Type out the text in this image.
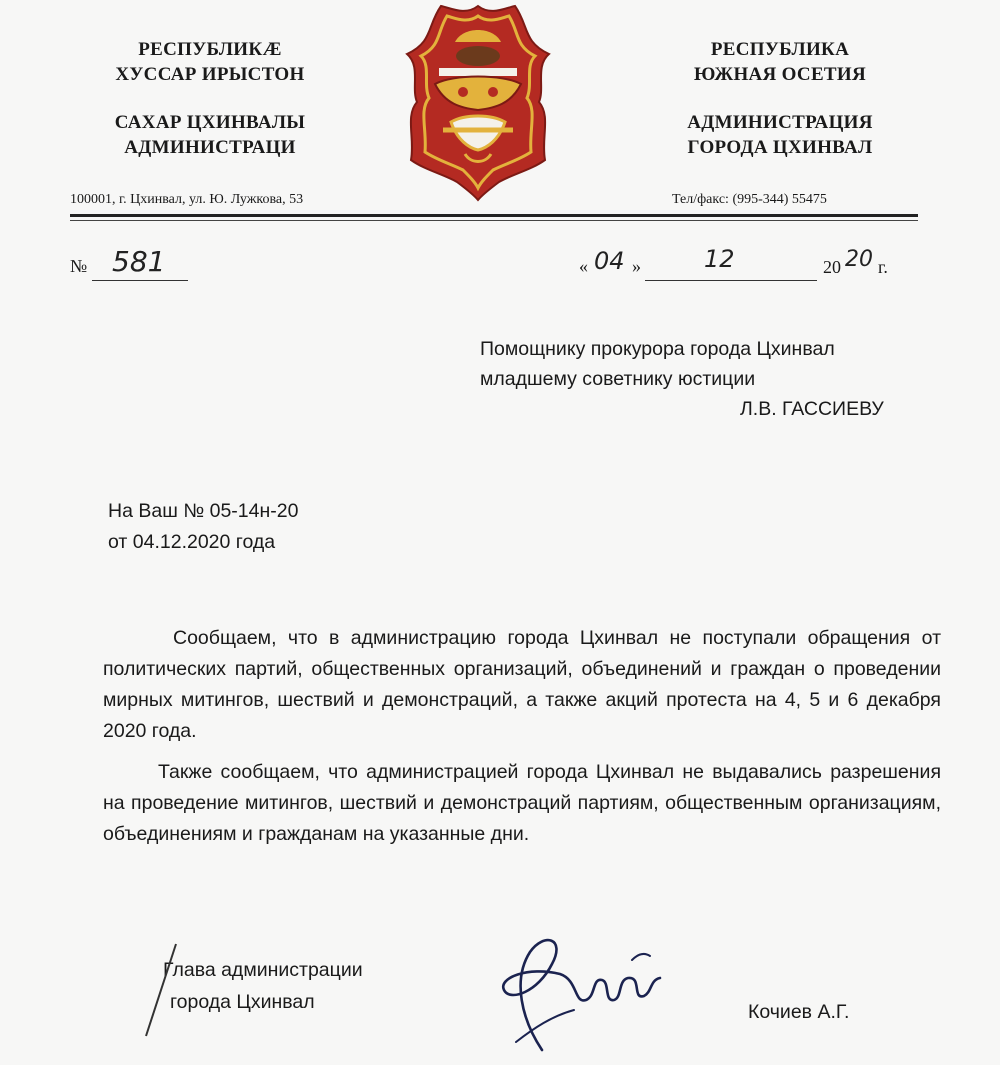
РЕСПУБЛИКÆ
ХУССАР ИРЫСТОН
САХАР ЦХИНВАЛЫ
АДМИНИСТРАЦИ
100001, г. Цхинвал, ул. Ю. Лужкова, 53
РЕСПУБЛИКА
ЮЖНАЯ ОСЕТИЯ
АДМИНИСТРАЦИЯ
ГОРОДА ЦХИНВАЛ
Тел/факс: (995-344) 55475
№ 581	« 04 »	12	20 20 г.
Помощнику прокурора города Цхинвал
младшему советнику юстиции
Л.В. ГАССИЕВУ
На Ваш № 05-14н-20
от 04.12.2020 года
Сообщаем, что в администрацию города Цхинвал не поступали обращения от политических партий, общественных организаций, объединений и граждан о проведении мирных митингов, шествий и демонстраций, а также акций протеста на 4, 5 и 6 декабря 2020 года.
Также сообщаем, что администрацией города Цхинвал не выдавались разрешения на проведение митингов, шествий и демонстраций партиям, общественным организациям, объединениям и гражданам на указанные дни.
Глава администрации
города Цхинвал	Кочиев А.Г.
